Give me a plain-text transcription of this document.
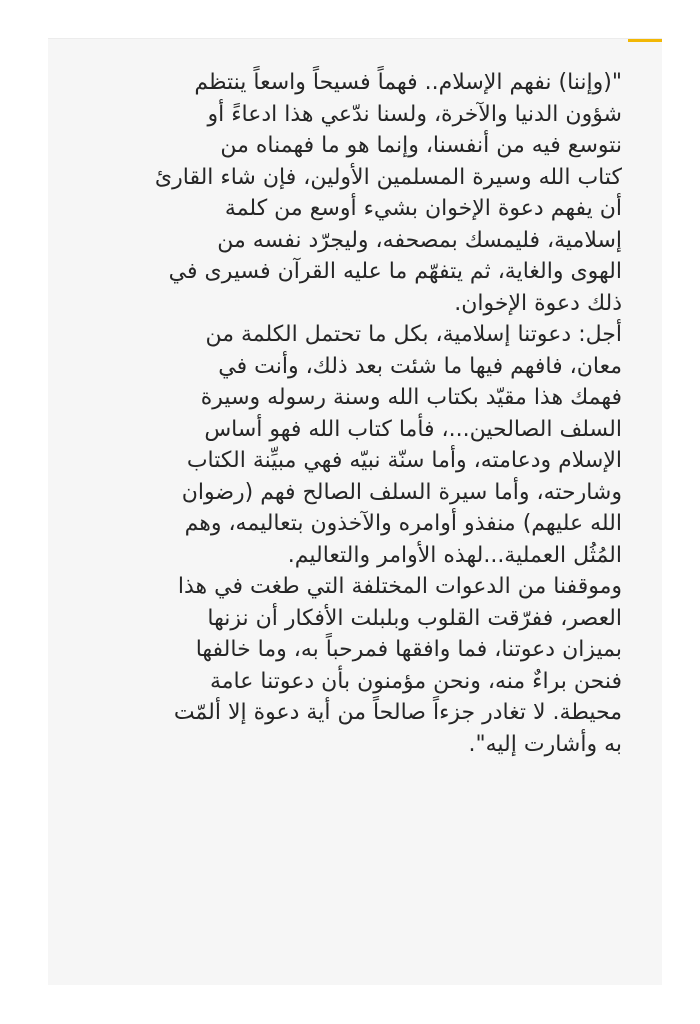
"(وإننا) نفهم الإسلام.. فهماً فسيحاً واسعاً ينتظم
شؤون الدنيا والآخرة، ولسنا ندّعي هذا ادعاءً أو
نتوسع فيه من أنفسنا، وإنما هو ما فهمناه من
كتاب الله وسيرة المسلمين الأولين، فإن شاء القارئ
أن يفهم دعوة الإخوان بشيء أوسع من كلمة
إسلامية، فليمسك بمصحفه، وليجرّد نفسه من
الهوى والغاية، ثم يتفهّم ما عليه القرآن فسيرى في
ذلك دعوة الإخوان.

أجل: دعوتنا إسلامية، بكل ما تحتمل الكلمة من
معان، فافهم فيها ما شئت بعد ذلك، وأنت في
فهمك هذا مقيّد بكتاب الله وسنة رسوله وسيرة
السلف الصالحين...، فأما كتاب الله فهو أساس
الإسلام ودعامته، وأما سنّة نبيّه فهي مبيِّنة الكتاب
وشارحته، وأما سيرة السلف الصالح فهم (رضوان
الله عليهم) منفذو أوامره والآخذون بتعاليمه، وهم
المُثُل العملية...لهذه الأوامر والتعاليم.

وموقفنا من الدعوات المختلفة التي طغت في هذا
العصر، ففرّقت القلوب وبلبلت الأفكار أن نزنها
بميزان دعوتنا، فما وافقها فمرحباً به، وما خالفها
فنحن براءٌ منه، ونحن مؤمنون بأن دعوتنا عامة
محيطة. لا تغادر جزءاً صالحاً من أية دعوة إلا ألمّت
به وأشارت إليه".
